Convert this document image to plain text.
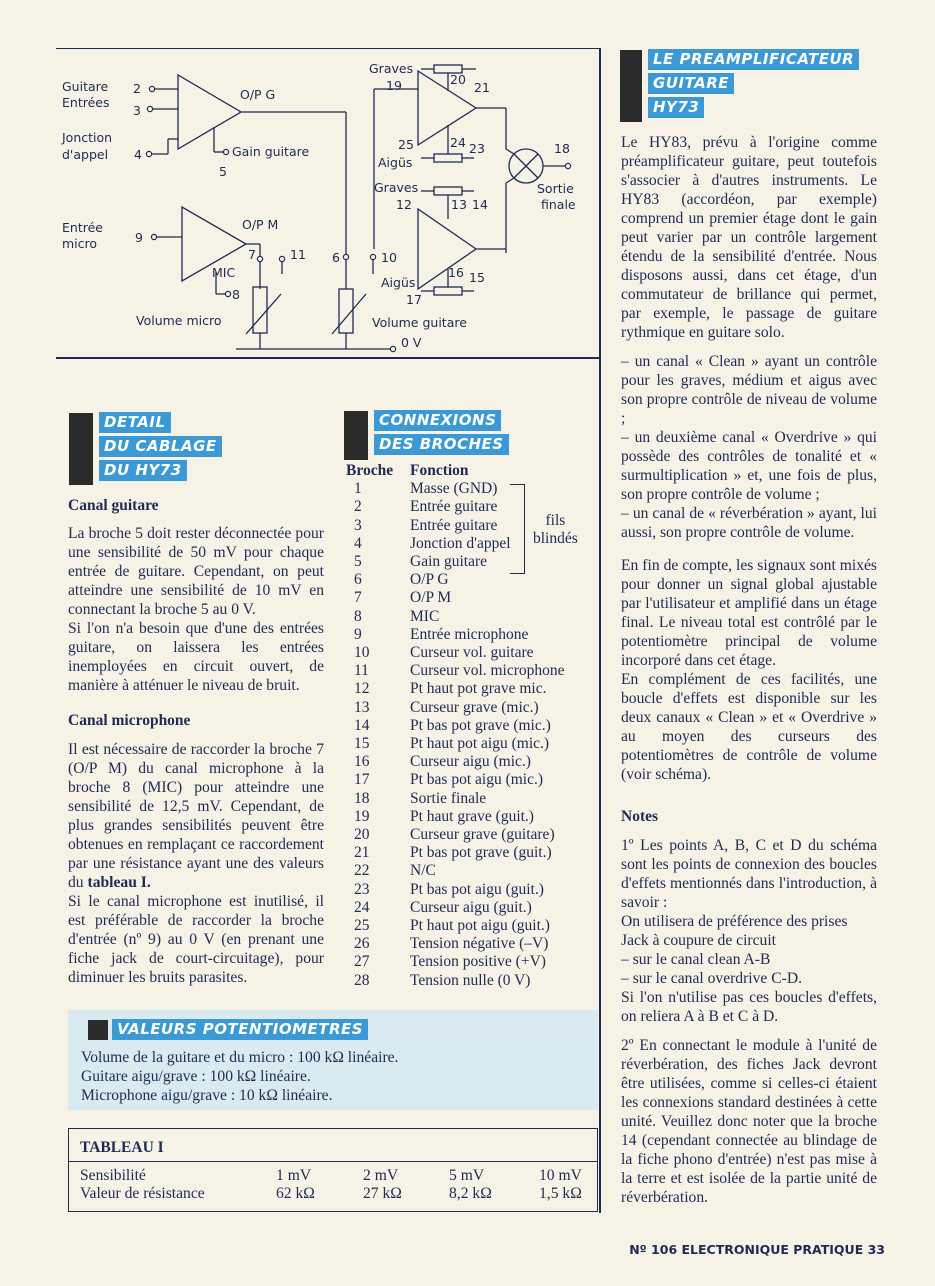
Guitare 2
Entrées
3
Jonction
d'appel 4
O/P G
Gain guitare
5
Entrée
micro	9
O/P M
7	11
MIC
8
Volume micro
Graves
19	20
21
25
Aigüs
24 23	18
Sortie
finale
Graves
12	13 14
6	10
Aigüs
16 15
17
Volume guitare
0 V
DETAIL
DU CABLAGE
DU HY73

Canal guitare

La broche 5 doit rester déconnectée pour une sensibilité de 50 mV pour chaque entrée de guitare. Cependant, on peut atteindre une sensibilité de 10 mV en connectant la broche 5 au 0 V.

Si l'on n'a besoin que d'une des entrées guitare, on laissera les entrées inemployées en circuit ouvert, de manière à atténuer le niveau de bruit.

Canal microphone

Il est nécessaire de raccorder la broche 7 (O/P M) du canal microphone à la broche 8 (MIC) pour atteindre une sensibilité de 12,5 mV. Cependant, de plus grandes sensibilités peuvent être obtenues en remplaçant ce raccordement par une résistance ayant une des valeurs du tableau I.

Si le canal microphone est inutilisé, il est préférable de raccorder la broche d'entrée (nº 9) au 0 V (en prenant une fiche jack de court-circuitage), pour diminuer les bruits parasites.

CONNEXIONS
DES BROCHES
Broche	Fonction
1	Masse (GND)
2	Entrée guitare
3	Entrée guitare
4	Jonction d'appel
5	Gain guitare
6	O/P G
7	O/P M
8	MIC
9	Entrée microphone
10	Curseur vol. guitare
11	Curseur vol. microphone
12	Pt haut pot grave mic.
13	Curseur grave (mic.)
14	Pt bas pot grave (mic.)
15	Pt haut pot aigu (mic.)
16	Curseur aigu (mic.)
17	Pt bas pot aigu (mic.)
18	Sortie finale
19	Pt haut grave (guit.)
20	Curseur grave (guitare)
21	Pt bas pot grave (guit.)
22	N/C
23	Pt bas pot aigu (guit.)
24	Curseur aigu (guit.)
25	Pt haut pot aigu (guit.)
26	Tension négative (–V)
27	Tension positive (+V)
28	Tension nulle (0 V)
fils
blindés
VALEURS POTENTIOMETRES
Volume de la guitare et du micro : 100 kΩ linéaire.
Guitare aigu/grave : 100 kΩ linéaire.
Microphone aigu/grave : 10 kΩ linéaire.
TABLEAU I
Sensibilité	1 mV	2 mV	5 mV	10 mV
Valeur de résistance	62 kΩ	27 kΩ	8,2 kΩ	1,5 kΩ
LE PREAMPLIFICATEUR
GUITARE
HY73

Le HY83, prévu à l'origine comme préamplificateur guitare, peut toutefois s'associer à d'autres instruments. Le HY83 (accordéon, par exemple) comprend un premier étage dont le gain peut varier par un contrôle largement étendu de la sensibilité d'entrée. Nous disposons aussi, dans cet étage, d'un commutateur de brillance qui permet, par exemple, le passage de guitare rythmique en guitare solo.

– un canal « Clean » ayant un contrôle pour les graves, médium et aigus avec son propre contrôle de niveau de volume ;

– un deuxième canal « Overdrive » qui possède des contrôles de tonalité et « surmultiplication » et, une fois de plus, son propre contrôle de volume ;

– un canal de « réverbération » ayant, lui aussi, son propre contrôle de volume.

En fin de compte, les signaux sont mixés pour donner un signal global ajustable par l'utilisateur et amplifié dans un étage final. Le niveau total est contrôlé par le potentiomètre principal de volume incorporé dans cet étage.

En complément de ces facilités, une boucle d'effets est disponible sur les deux canaux « Clean » et « Overdrive » au moyen des curseurs des potentiomètres de contrôle de volume (voir schéma).

Notes

1º Les points A, B, C et D du schéma sont les points de connexion des boucles d'effets mentionnés dans l'introduction, à savoir :

On utilisera de préférence des prises Jack à coupure de circuit

– sur le canal clean A-B

– sur le canal overdrive C-D.

Si l'on n'utilise pas ces boucles d'effets, on reliera A à B et C à D.

2º En connectant le module à l'unité de réverbération, des fiches Jack devront être utilisées, comme si celles-ci étaient les connexions standard destinées à cette unité. Veuillez donc noter que la broche 14 (cependant connectée au blindage de la fiche phono d'entrée) n'est pas mise à la terre et est isolée de la partie unité de réverbération.

Nº 106 ELECTRONIQUE PRATIQUE 33
